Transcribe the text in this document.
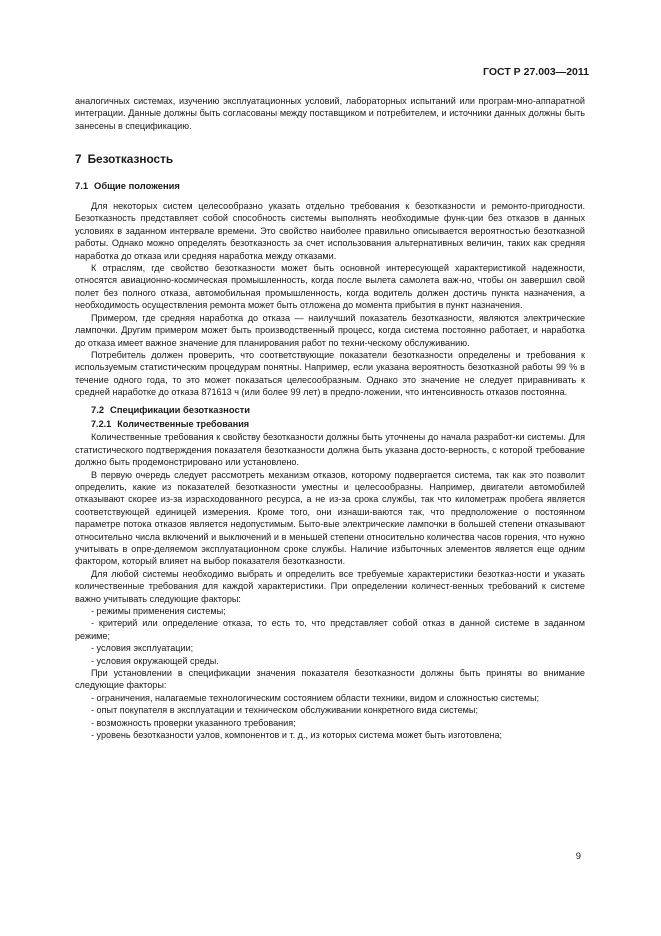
ГОСТ Р 27.003—2011

аналогичных системах, изучению эксплуатационных условий, лабораторных испытаний или програм-мно-аппаратной интеграции. Данные должны быть согласованы между поставщиком и потребителем, и источники данных должны быть занесены в спецификацию.

7 Безотказность

7.1 Общие положения

Для некоторых систем целесообразно указать отдельно требования к безотказности и ремонто-пригодности. Безотказность представляет собой способность системы выполнять необходимые функ-ции без отказов в данных условиях в заданном интервале времени. Это свойство наиболее правильно описывается вероятностью безотказной работы. Однако можно определять безотказность за счет использования альтернативных величин, таких как средняя наработка до отказа или средняя наработка между отказами.

К отраслям, где свойство безотказности может быть основной интересующей характеристикой надежности, относятся авиационно-космическая промышленность, когда после вылета самолета важ-но, чтобы он завершил свой полет без полного отказа, автомобильная промышленность, когда водитель должен достичь пункта назначения, а необходимость осуществления ремонта может быть отложена до момента прибытия в пункт назначения.

Примером, где средняя наработка до отказа — наилучший показатель безотказности, являются электрические лампочки. Другим примером может быть производственный процесс, когда система постоянно работает, и наработка до отказа имеет важное значение для планирования работ по техни-ческому обслуживанию.

Потребитель должен проверить, что соответствующие показатели безотказности определены и требования к используемым статистическим процедурам понятны. Например, если указана вероятность безотказной работы 99 % в течение одного года, то это может показаться целесообразным. Однако это значение не следует приравнивать к средней наработке до отказа 871613 ч (или более 99 лет) в предпо-ложении, что интенсивность отказов постоянна.

7.2 Спецификации безотказности

7.2.1 Количественные требования

Количественные требования к свойству безотказности должны быть уточнены до начала разработ-ки системы. Для статистического подтверждения показателя безотказности должна быть указана досто-верность, с которой требование должно быть продемонстрировано или установлено.

В первую очередь следует рассмотреть механизм отказов, которому подвергается система, так как это позволит определить, какие из показателей безотказности уместны и целесообразны. Например, двигатели автомобилей отказывают скорее из-за израсходованного ресурса, а не из-за срока службы, так что километраж пробега является соответствующей единицей измерения. Кроме того, они изнаши-ваются так, что предположение о постоянном параметре потока отказов является недопустимым. Быто-вые электрические лампочки в большей степени отказывают относительно числа включений и выключений и в меньшей степени относительно количества часов горения, что нужно учитывать в опре-деляемом эксплуатационном сроке службы. Наличие избыточных элементов является еще одним фактором, который влияет на выбор показателя безотказности.

Для любой системы необходимо выбрать и определить все требуемые характеристики безотказ-ности и указать количественные требования для каждой характеристики. При определении количест-венных требований к системе важно учитывать следующие факторы:

- режимы применения системы;

- критерий или определение отказа, то есть то, что представляет собой отказ в данной системе в заданном режиме;

- условия эксплуатации;

- условия окружающей среды.

При установлении в спецификации значения показателя безотказности должны быть приняты во внимание следующие факторы:

- ограничения, налагаемые технологическим состоянием области техники, видом и сложностью системы;

- опыт покупателя в эксплуатации и техническом обслуживании конкретного вида системы;

- возможность проверки указанного требования;

- уровень безотказности узлов, компонентов и т. д., из которых система может быть изготовлена;

9
